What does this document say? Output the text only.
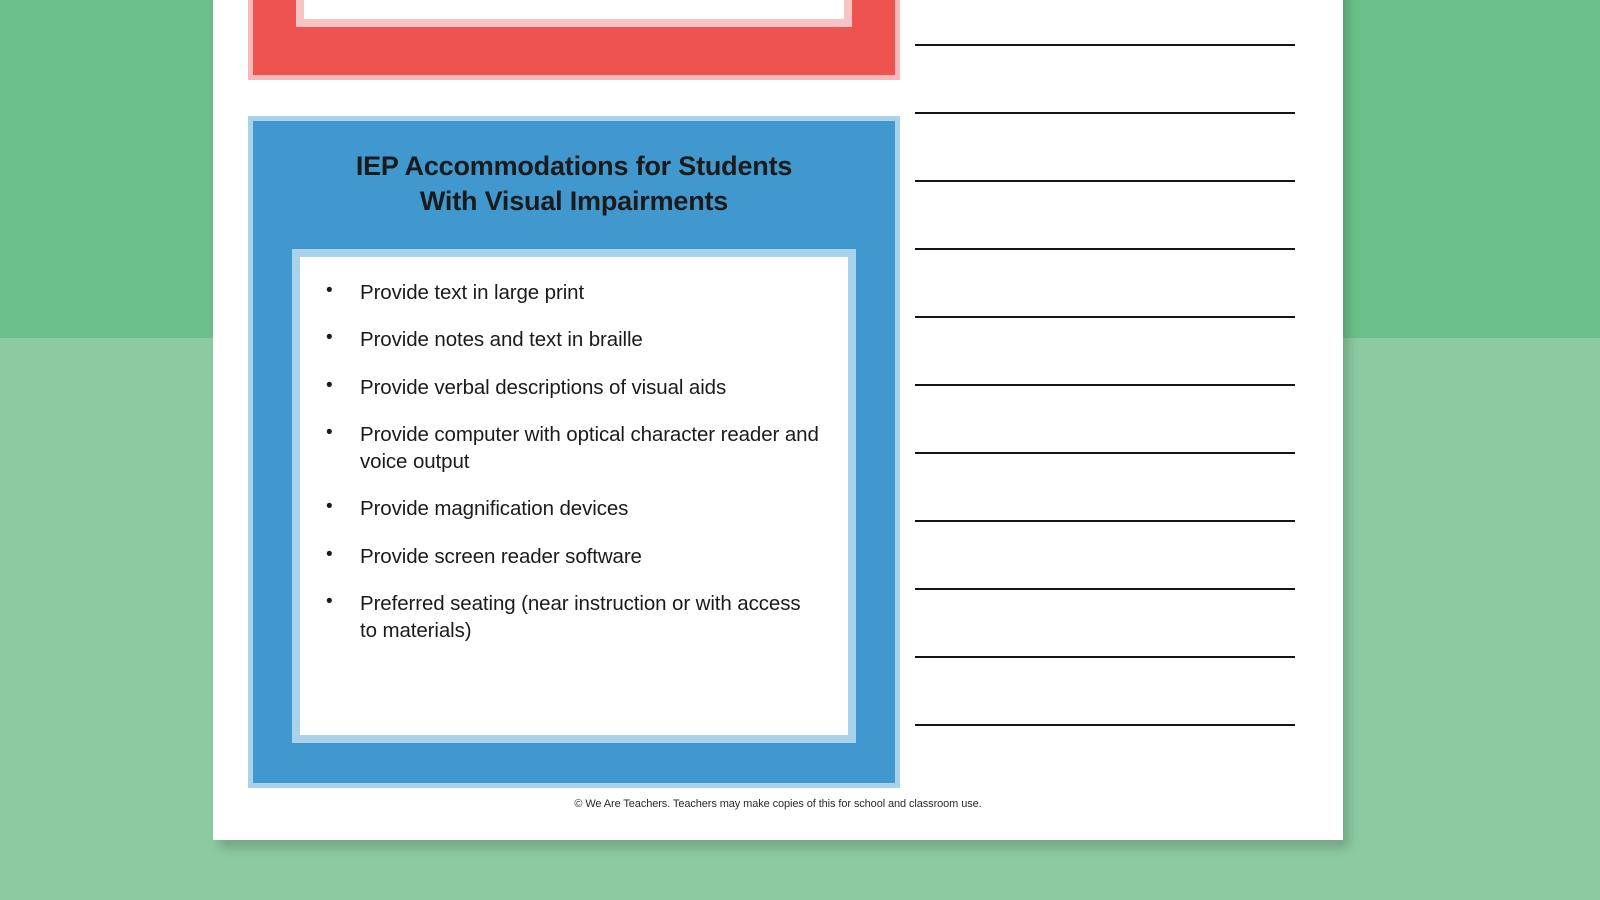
IEP Accommodations for Students
With Visual Impairments
• Provide text in large print
• Provide notes and text in braille
• Provide verbal descriptions of visual aids
• Provide computer with optical character reader and voice output
• Provide magnification devices
• Provide screen reader software
• Preferred seating (near instruction or with access to materials)
© We Are Teachers. Teachers may make copies of this for school and classroom use.
